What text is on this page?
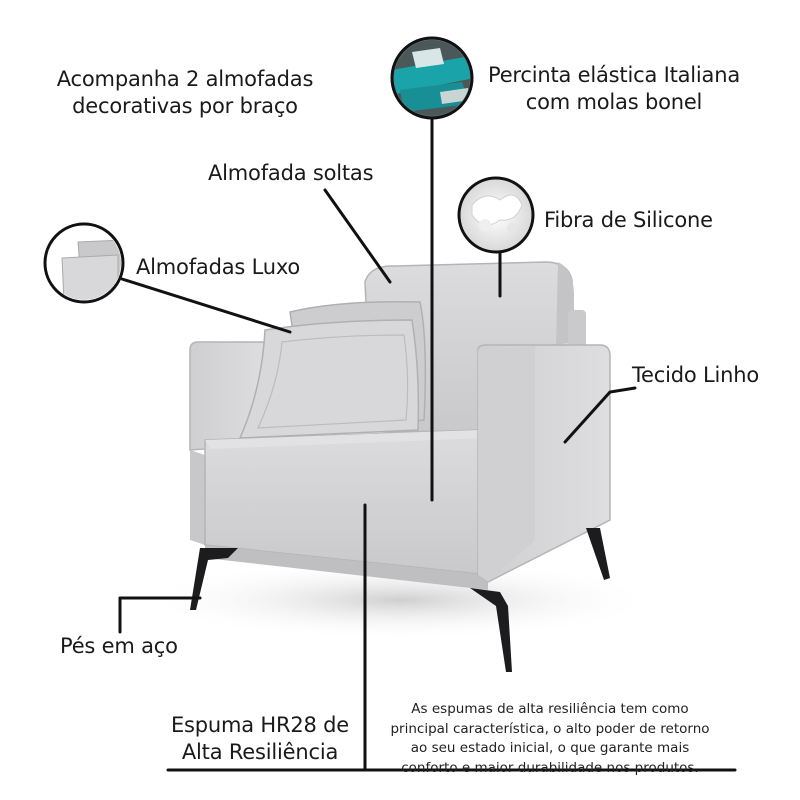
Acompanha 2 almofadas
decorativas por braço
Percinta elástica Italiana
com molas bonel
Almofada soltas
Fibra de Silicone
Almofadas Luxo
Tecido Linho
Pés em aço
Espuma HR28 de
Alta Resiliência
As espumas de alta resiliência tem como
principal característica, o alto poder de retorno
ao seu estado inicial, o que garante mais
conforto e maior durabilidade nos produtos.
